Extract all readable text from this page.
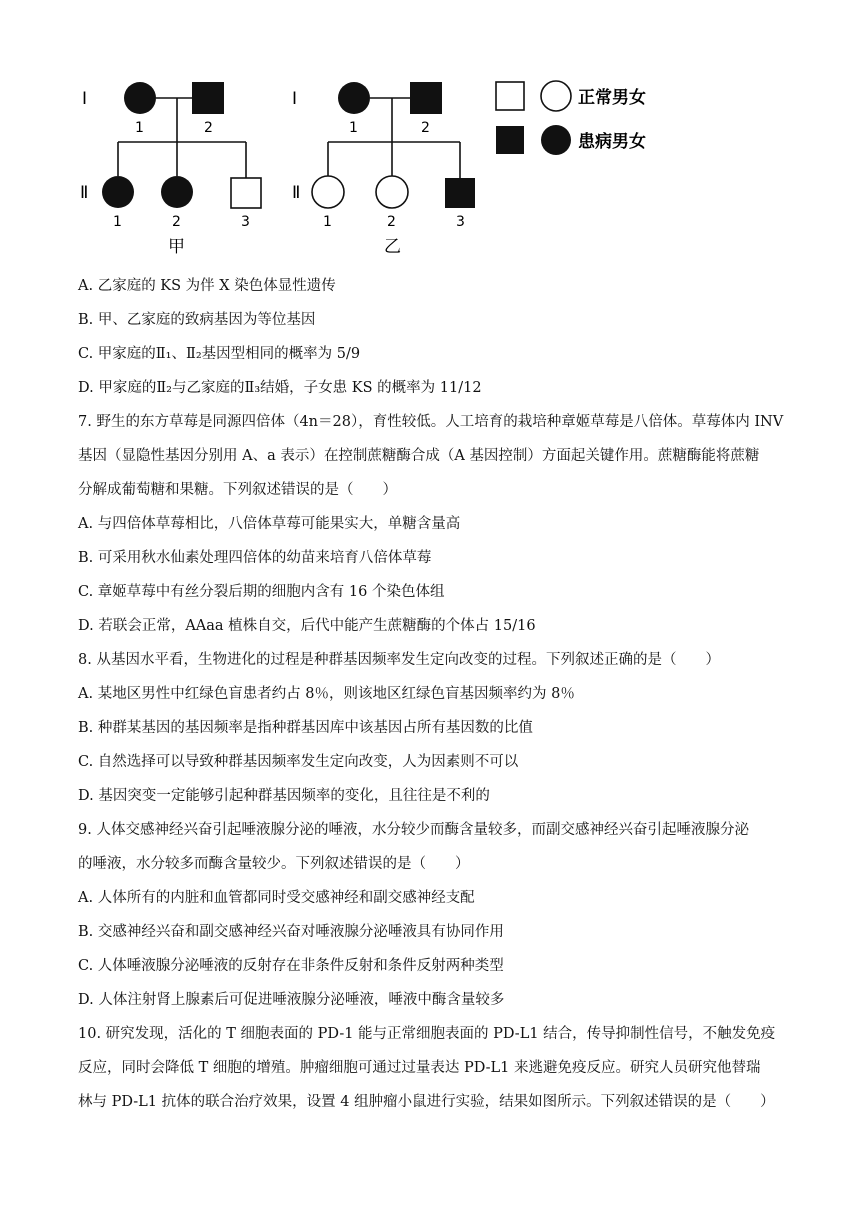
I
1	2
Ⅱ
1	2	3
甲
I
1	2
Ⅱ
1	2	3
乙
正常男女
患病男女
A. 乙家庭的 KS 为伴 X 染色体显性遗传
B. 甲、乙家庭的致病基因为等位基因
C. 甲家庭的Ⅱ₁、Ⅱ₂基因型相同的概率为 5/9
D. 甲家庭的Ⅱ₂与乙家庭的Ⅱ₃结婚，子女患 KS 的概率为 11/12
7. 野生的东方草莓是同源四倍体（4n＝28），育性较低。人工培育的栽培种章姬草莓是八倍体。草莓体内 INV
基因（显隐性基因分别用 A、a 表示）在控制蔗糖酶合成（A 基因控制）方面起关键作用。蔗糖酶能将蔗糖
分解成葡萄糖和果糖。下列叙述错误的是（　　）
A. 与四倍体草莓相比，八倍体草莓可能果实大，单糖含量高
B. 可采用秋水仙素处理四倍体的幼苗来培育八倍体草莓
C. 章姬草莓中有丝分裂后期的细胞内含有 16 个染色体组
D. 若联会正常，AAaa 植株自交，后代中能产生蔗糖酶的个体占 15/16
8. 从基因水平看，生物进化的过程是种群基因频率发生定向改变的过程。下列叙述正确的是（　　）
A. 某地区男性中红绿色盲患者约占 8％，则该地区红绿色盲基因频率约为 8％
B. 种群某基因的基因频率是指种群基因库中该基因占所有基因数的比值
C. 自然选择可以导致种群基因频率发生定向改变，人为因素则不可以
D. 基因突变一定能够引起种群基因频率的变化，且往往是不利的
9. 人体交感神经兴奋引起唾液腺分泌的唾液，水分较少而酶含量较多，而副交感神经兴奋引起唾液腺分泌
的唾液，水分较多而酶含量较少。下列叙述错误的是（　　）
A. 人体所有的内脏和血管都同时受交感神经和副交感神经支配
B. 交感神经兴奋和副交感神经兴奋对唾液腺分泌唾液具有协同作用
C. 人体唾液腺分泌唾液的反射存在非条件反射和条件反射两种类型
D. 人体注射肾上腺素后可促进唾液腺分泌唾液，唾液中酶含量较多
10. 研究发现，活化的 T 细胞表面的 PD-1 能与正常细胞表面的 PD-L1 结合，传导抑制性信号，不触发免疫
反应，同时会降低 T 细胞的增殖。肿瘤细胞可通过过量表达 PD-L1 来逃避免疫反应。研究人员研究他替瑞
林与 PD-L1 抗体的联合治疗效果，设置 4 组肿瘤小鼠进行实验，结果如图所示。下列叙述错误的是（　　）
